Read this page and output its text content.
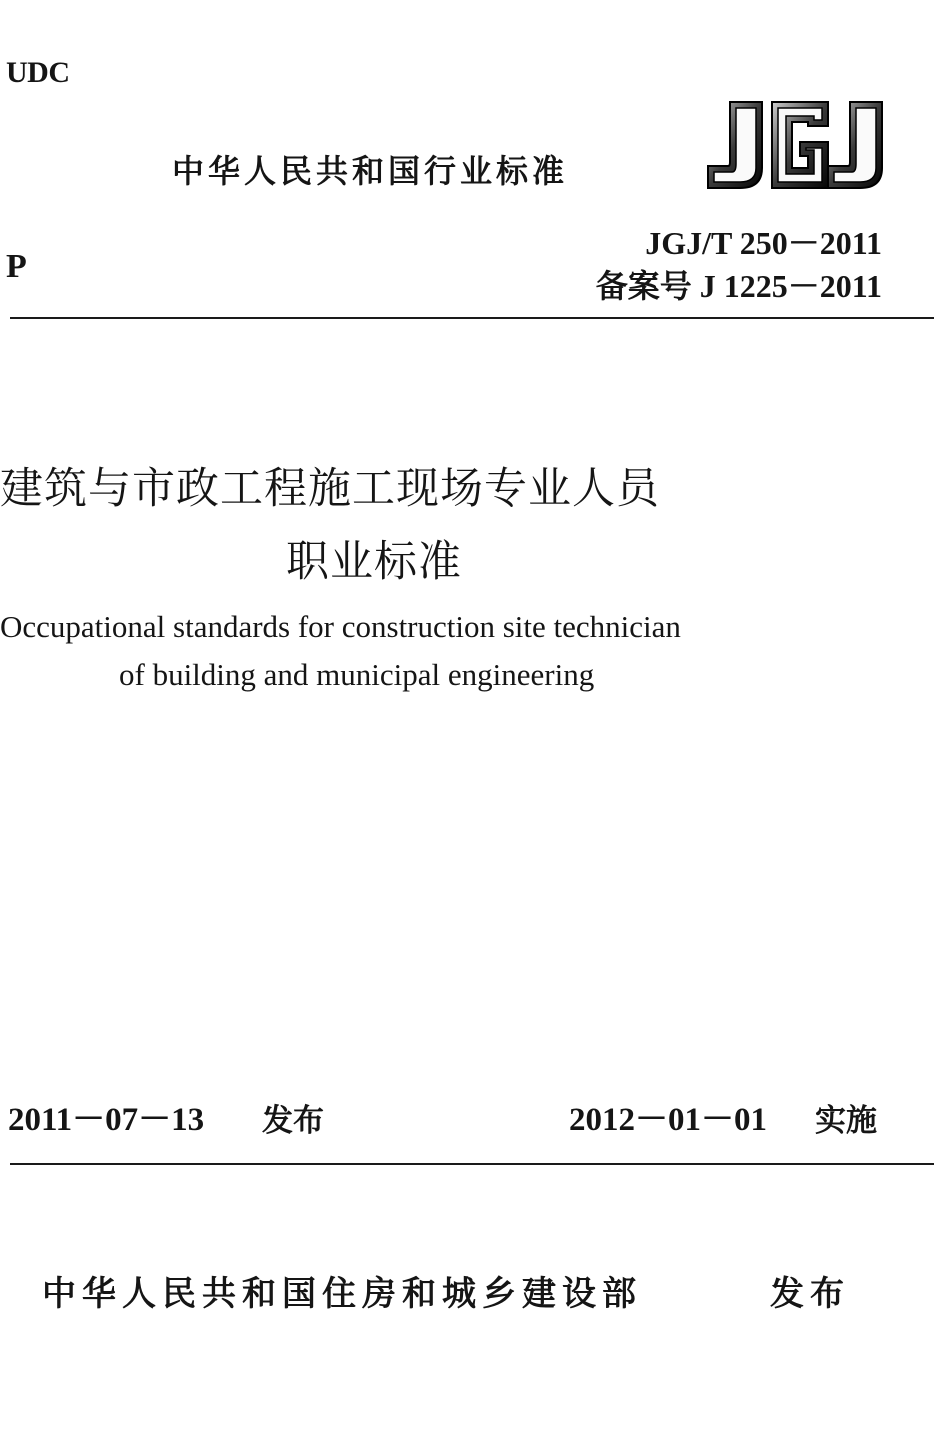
UDC
中华人民共和国行业标准
JGJ/T 250－2011
P
备案号 J 1225－2011
建筑与市政工程施工现场专业人员
职业标准
Occupational standards for construction site technician
of building and municipal engineering
2011－07－13 发布	2012－01－01 实施
中华人民共和国住房和城乡建设部	发布
